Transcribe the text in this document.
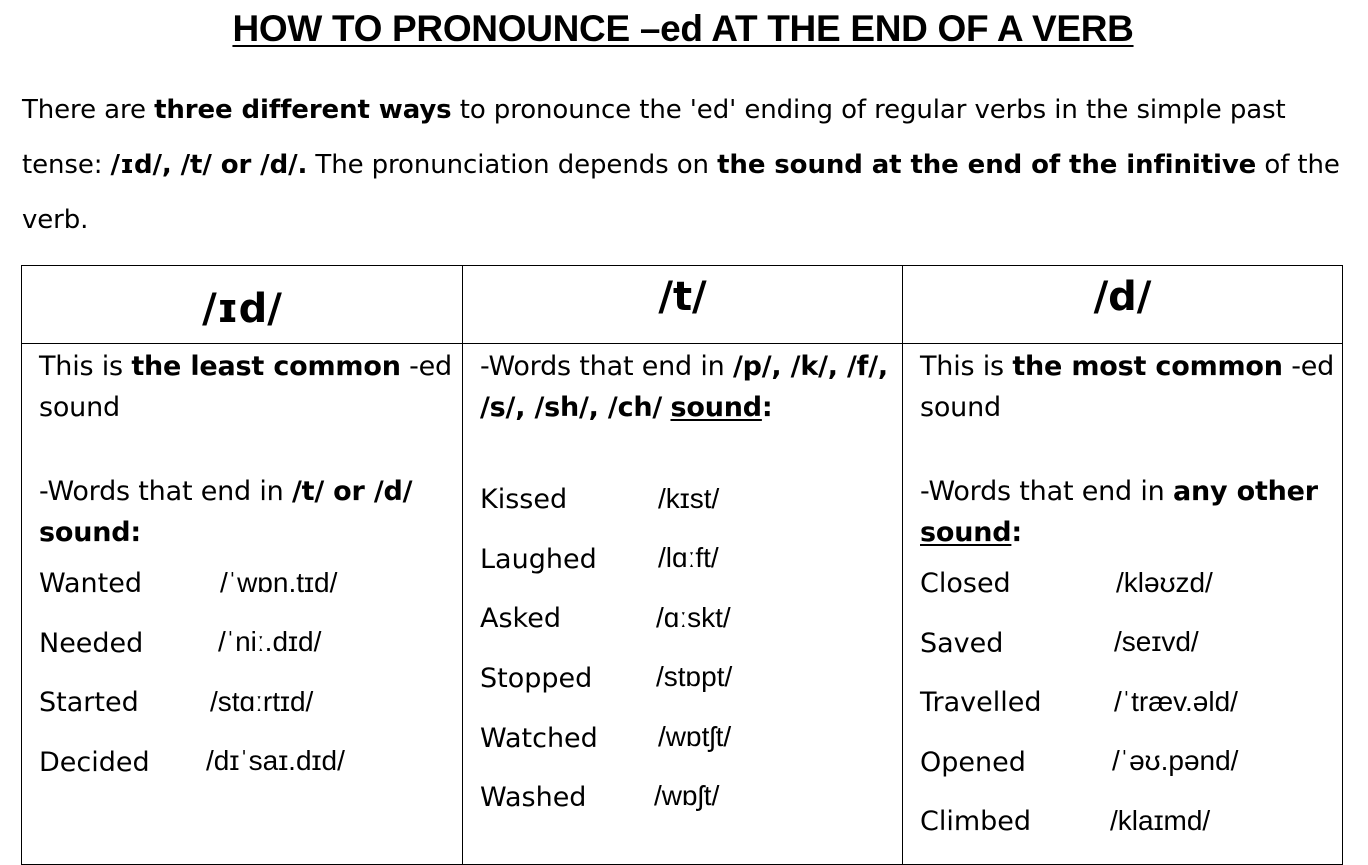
HOW TO PRONOUNCE –ed AT THE END OF A VERB
There are three different ways to pronounce the 'ed' ending of regular verbs in the simple past tense: /ɪd/, /t/ or /d/. The pronunciation depends on the sound at the end of the infinitive of the verb.
/ɪd/	/t/	/d/
This is the least common -ed sound
-Words that end in /t/ or /d/
sound:
Wanted	/ˈwɒn.tɪd/
Needed	/ˈniː.dɪd/
Started	/stɑːrtɪd/
Decided /dɪˈsaɪ.dɪd/
-Words that end in /p/, /k/, /f/, /s/, /sh/, /ch/ sound:
Kissed	/kɪst/
Laughed /lɑːft/
Asked	/ɑːskt/
Stopped /stɒpt/
Watched /wɒtʃt/
Washed /wɒʃt/
This is the most common -ed sound
-Words that end in any other
sound:
Closed	/kləʊzd/
Saved	/seɪvd/
Travelled	/ˈtræv.əld/
Opened	/ˈəʊ.pənd/
Climbed	/klaɪmd/
